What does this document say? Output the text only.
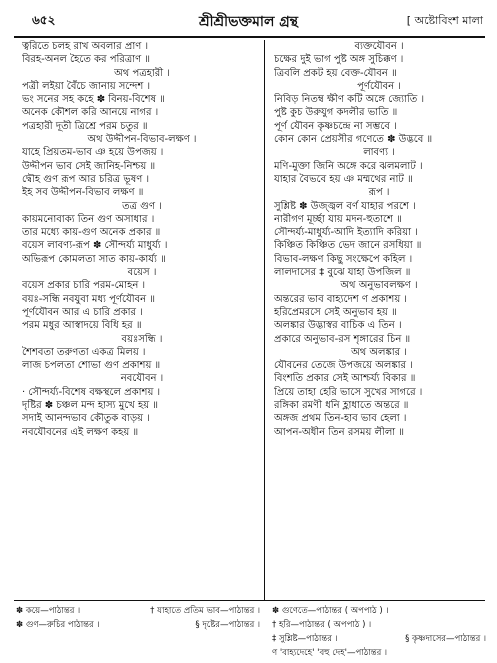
৬৫২	শ্রীশ্রীভক্তমাল গ্রন্থ	[ অষ্টোবিংশ মালা
ত্বরিতে চলহ রাখ অবলার প্রাণ ।
বিরহ-অনল হৈতে কর পরিত্রাণ ॥
অথ পত্রহারী ।
পত্রী লইয়া বৈঁচে জানায় সন্দেশ ।
ভং সনের সহ কহে ✽ বিনয়-বিশেষ ॥
অনেক কৌশল করি আনয়ে নাগর ।
পত্রহারী দূতী ত্রিশ্রে পরম চতুর ॥
অথ উদ্দীপন-বিভাব-লক্ষণ ।
যাহে প্রিয়তম-ভাব ঞ হয়ে উপজয় ।
উদ্দীপন ভাব সেই জানিহ-নিশ্চয় ॥
দ্বৌহ গুণ রূপ আর চরিত্র ভূষণ ।
ইহ সব উদ্দীপন-বিভাব লক্ষণ ॥
তত্র গুণ ।
কায়মনোবাক্য তিন গুণ অসাধার ।
তার মধ্যে কায়-গুণ অনেক প্রকার ॥
বয়েস লাবণ্য-রূপ ✽ সৌন্দর্য্য মাধুর্য্য ।
অভিরূপ কোমলতা সাত কায়-কার্য্য ॥
বয়েস ।
বয়েস প্রকার চারি পরম-মোহন ।
বয়ঃ-সন্ধি নবযুবা মধ্য পূর্ণযৌবন ॥
পূর্ণযৌবন আর এ চারি প্রকার ।
পরম মধুর আস্বাদয়ে বিধি হর ॥
বয়ঃসন্ধি ।
শৈশবতা তরুণতা একত্র মিলয় ।
লাজ চপলতা শোভা গুণ প্রকাশয় ॥
নবযৌবন ।
· সৌন্দর্য্য-বিশেষ বক্ষস্থলে প্রকাশয় ।
দৃষ্টির ✽ চঞ্চল মন্দ হাস্য মুখে হয় ॥
সদাই আনন্দভাব কৌতুক বাড়য় ।
নবযৌবনের এই লক্ষণ কহয় ॥
ব্যক্তযৌবন ।
চক্ষের দুই ভাগ পুষ্ট অঙ্গ সুচিক্কণ ।
ত্রিবলি প্রকট হয় বেক্ত-যৌবন ॥
পূর্ণযৌবন ।
নিবিড় নিতম্ব ক্ষীণ কটি অঙ্গে জ্যোতি ।
পুষ্ট কুচ উরুযুগ কদলীর ভাতি ॥
পূর্ণ যৌবন কৃষ্ণচন্দ্রে না সম্ভবে ।
কোন কোন প্রেয়সীর গণেতে ✽ উদ্ভবে ॥
লাবণ্য ।
মণি-মুক্তা জিনি অঙ্গে করে ঝলমলাট ।
যাহার বৈভবে হয় ঞ মম্মথের নাট ॥
রূপ ।
সুশ্লিষ্ট ✽ উজ্জ্বল বর্ণ যাহার পরশে ।
নারীগণ মূর্চ্ছা যায় মদন-হুতাশে ॥
সৌন্দর্য্য-মাধুর্য্য-আদি ইত্যাদি করিয়া ।
কিঞ্চিত কিঞ্চিত ভেদ জানে রসধিয়া ॥
বিভাব-লক্ষণ কিছু সংক্ষেপে কহিল ।
লালদাসের ‡ বুঝে যাহা উপজিল ॥
অথ অনুভাবলক্ষণ ।
অন্তরের ভাব বাহ্যদেশ ণ প্রকাশয় ।
হরিপ্রেমরসে সেই অনুভাব হয় ॥
অলঙ্কার উদ্ভাস্বর বাচিক এ তিন ।
প্রকারে অনুভাব-রস শৃঙ্গারের চিন ॥
অথ অলঙ্কার ।
যৌবনের তেজে উপজয়ে অলঙ্কার ।
বিংশতি প্রকার সেই আশ্চর্য্য বিকার ॥
প্রিয়ে তাহা হেরি ভাসে সুখের সাগরে ।
রঙ্গিকা রমণী ধনি হ্লাধাতে অন্তরে ॥
অঙ্গজ প্রথম তিন-হাব ভাব হেলা ।
আপন-অধীন তিন রসময় লীলা ॥
✽ কয়ে—পাঠান্তর ।	† যাহাতে প্রতিম ভাব—পাঠান্তর ।
✽ গুণ—রুচির পাঠান্তর ।	§ দৃষ্টের—পাঠান্তর ।
✽ গুণেতে—পাঠান্তর ( অপপাঠ ) ।
† হরি—পাঠান্তর ( অপপাঠ ) ।
‡ সুশ্লিষ্ট—পাঠান্তর ।	§ কৃষ্ণদাসের—পাঠান্তর ।
ণ 'বাহ্যদেহে' 'বহু দেহ'—পাঠান্তর ।
